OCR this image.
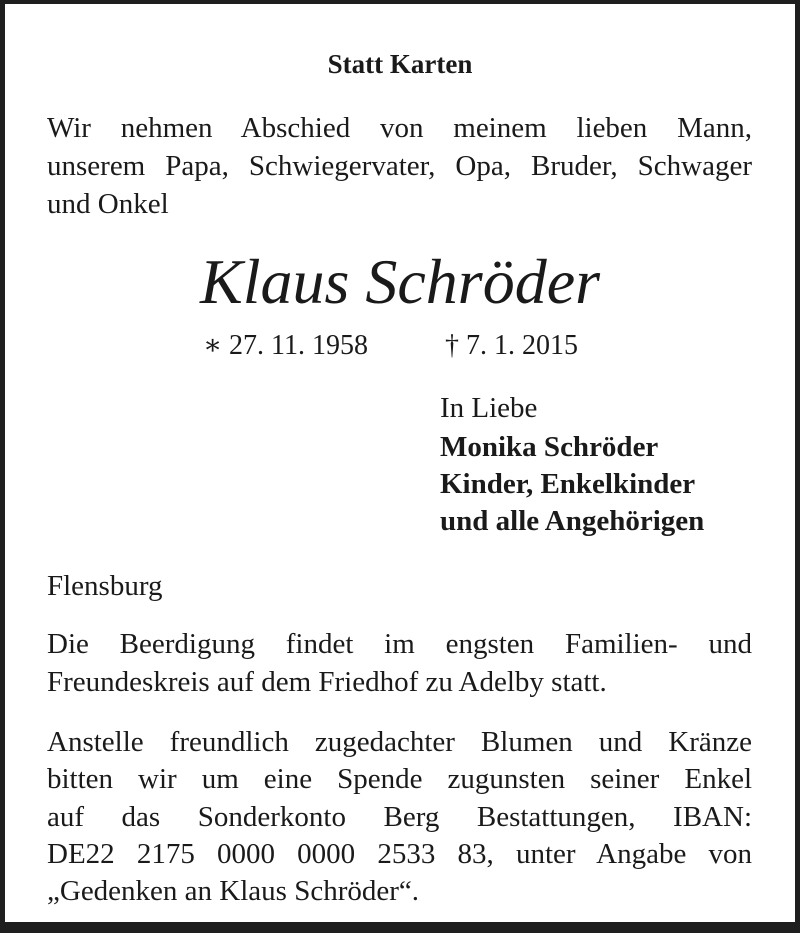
Statt Karten
Wir nehmen Abschied von meinem lieben Mann,
unserem Papa, Schwiegervater, Opa, Bruder, Schwager
und Onkel
Klaus Schröder
∗ 27. 11. 1958	† 7. 1. 2015
In Liebe
Monika Schröder
Kinder, Enkelkinder
und alle Angehörigen
Flensburg
Die Beerdigung findet im engsten Familien- und
Freundeskreis auf dem Friedhof zu Adelby statt.
Anstelle freundlich zugedachter Blumen und Kränze
bitten wir um eine Spende zugunsten seiner Enkel
auf das Sonderkonto Berg Bestattungen, IBAN:
DE22 2175 0000 0000 2533 83, unter Angabe von
„Gedenken an Klaus Schröder“.
